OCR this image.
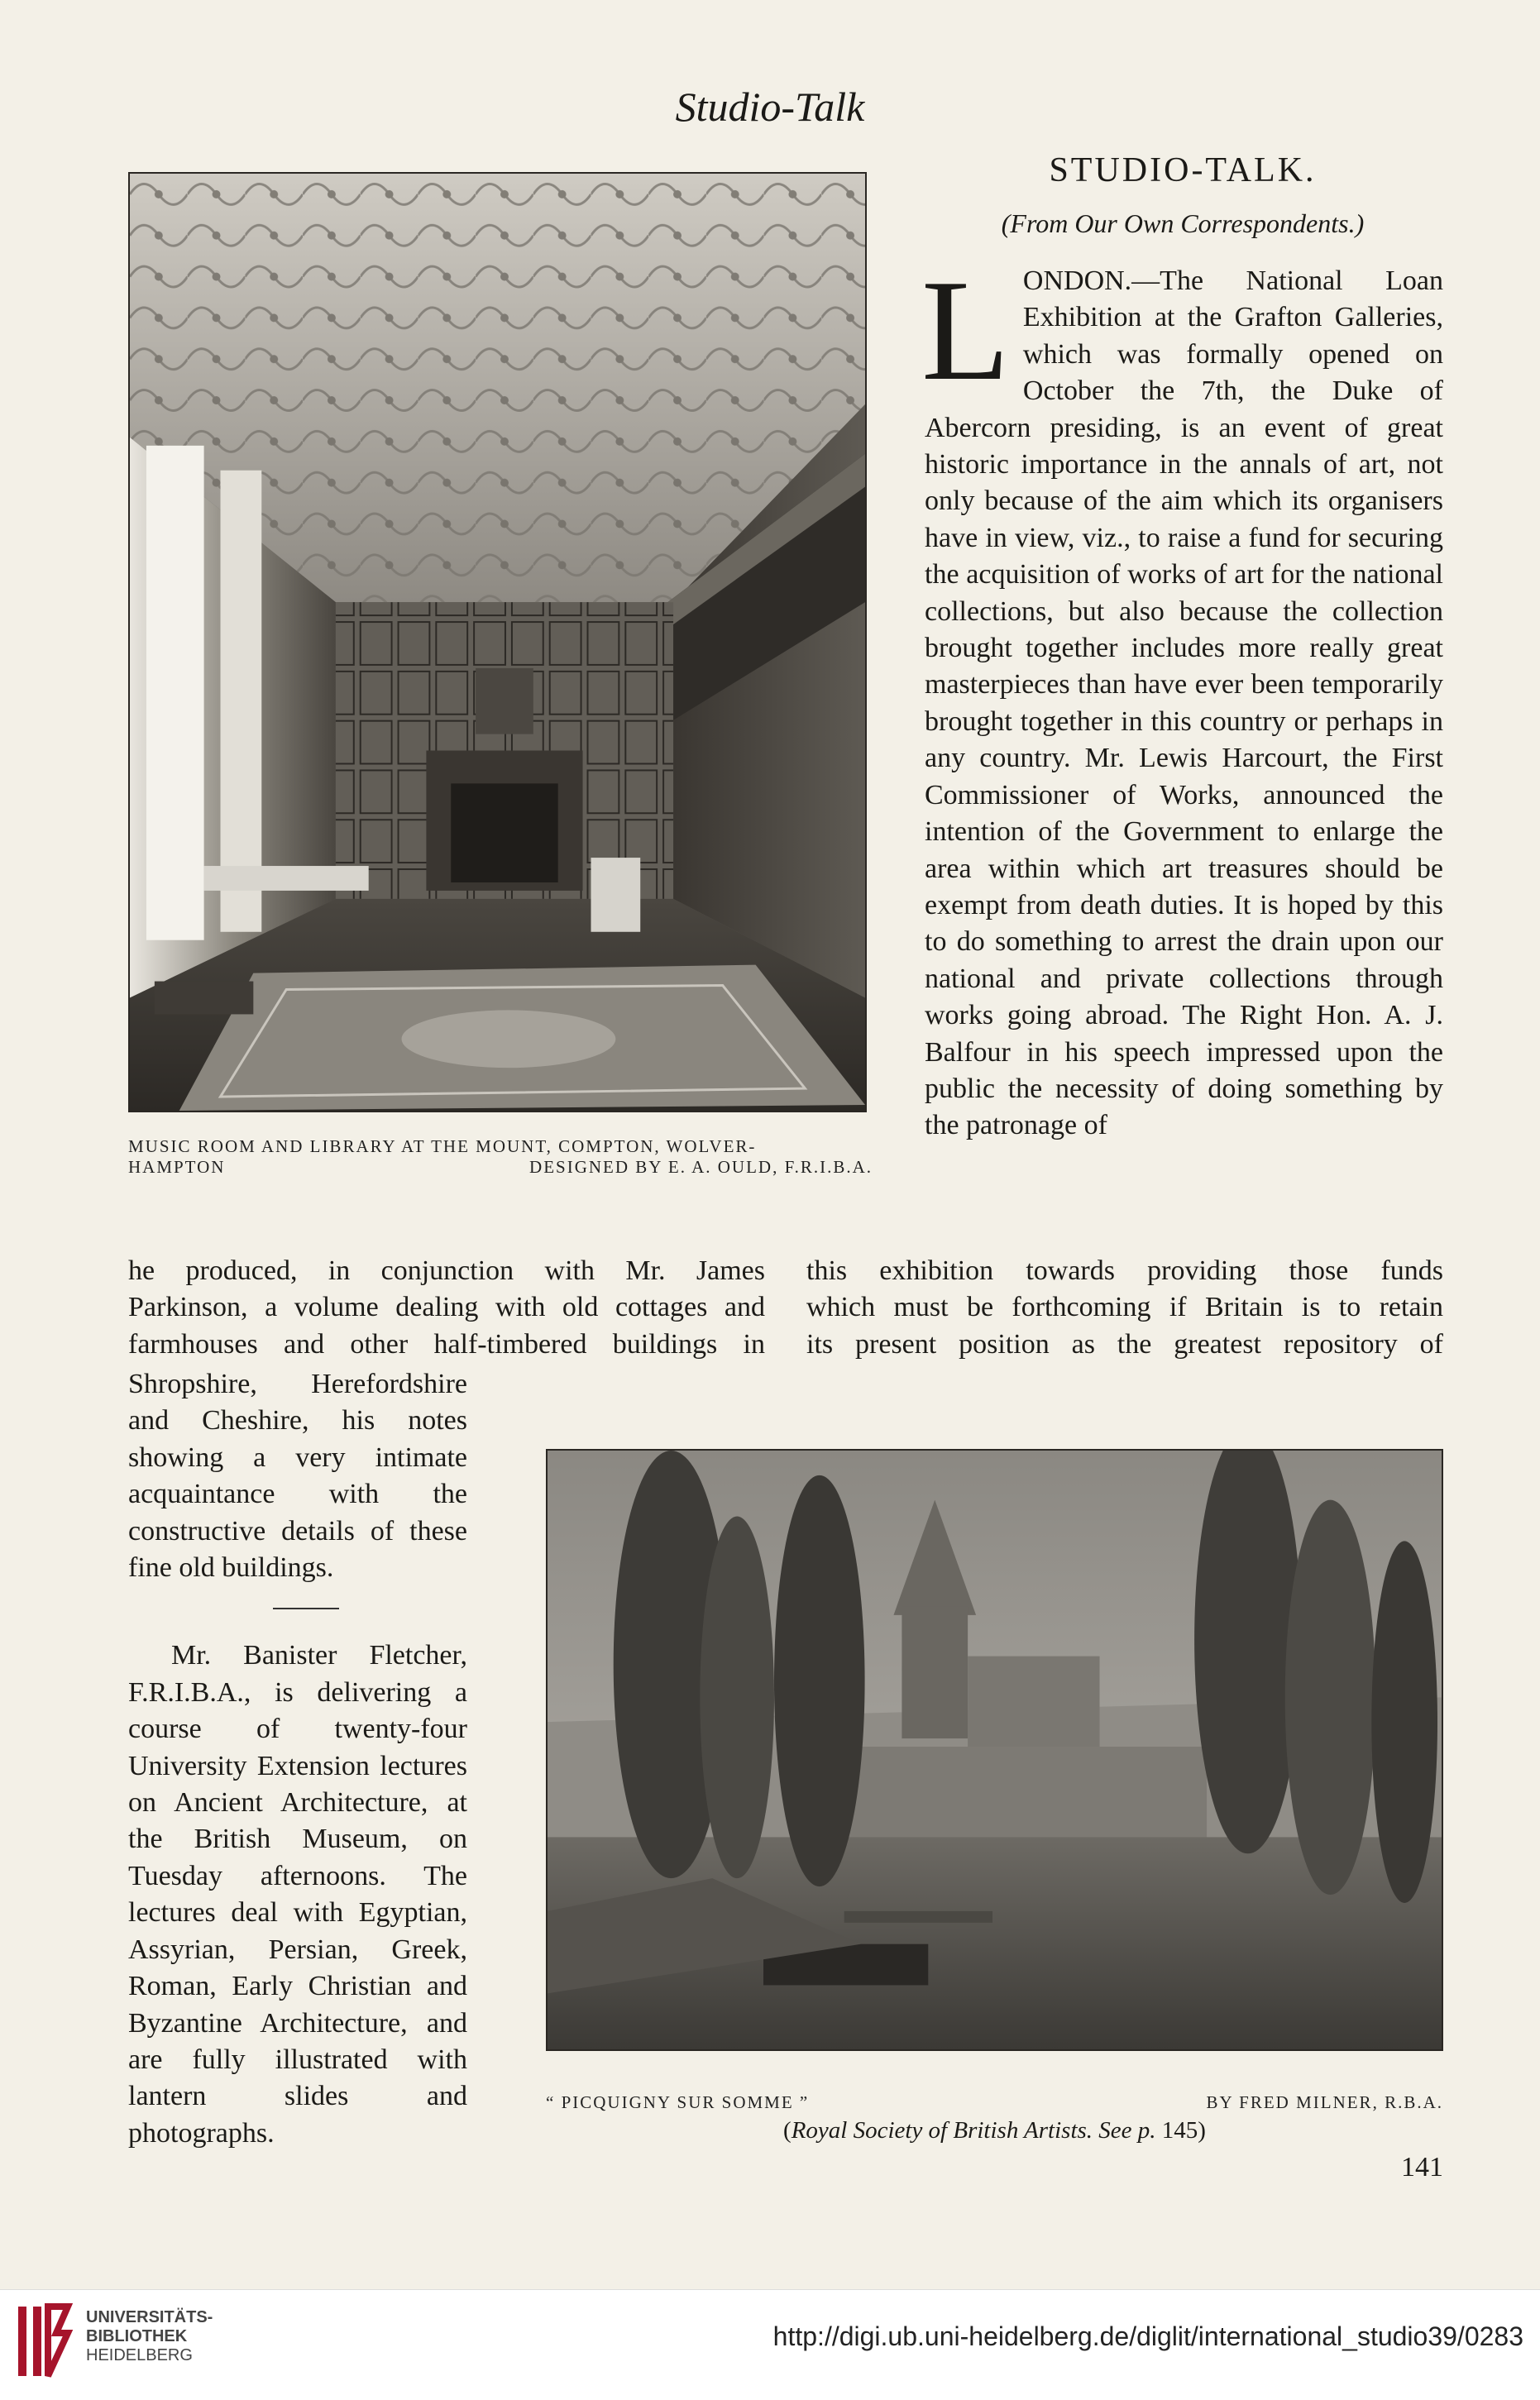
Studio-Talk
MUSIC ROOM AND LIBRARY AT THE MOUNT, COMPTON, WOLVER-
HAMPTON	DESIGNED BY E. A. OULD, F.R.I.B.A.
STUDIO-TALK.
(From Our Own Correspondents.)
L ONDON.—The National Loan Exhibition at the Grafton Galleries, which was formally opened on October the 7th, the Duke of Abercorn presiding, is an event of great historic importance in the annals of art, not only because of the aim which its organisers have in view, viz., to raise a fund for securing the acquisition of works of art for the national collections, but also because the collection brought together includes more really great masterpieces than have ever been temporarily brought together in this country or perhaps in any country. Mr. Lewis Harcourt, the First Commissioner of Works, announced the intention of the Government to enlarge the area within which art treasures should be exempt from death duties. It is hoped by this to do something to arrest the drain upon our national and private collections through works going abroad. The Right Hon. A. J. Balfour in his speech impressed upon the public the necessity of doing something by the patronage of

he produced, in conjunction with Mr. James this exhibition towards providing those funds
Parkinson, a volume dealing with old cottages and which must be forthcoming if Britain is to retain
farmhouses and other half-timbered buildings in its present position as the greatest repository of

Shropshire, Herefordshire and Cheshire, his notes showing a very intimate acquaintance with the constructive details of these fine old buildings.

Mr. Banister Fletcher, F.R.I.B.A., is delivering a course of twenty-four University Extension lectures on Ancient Architecture, at the British Museum, on Tuesday afternoons. The lectures deal with Egyptian, Assyrian, Persian, Greek, Roman, Early Christian and Byzantine Architecture, and are fully illustrated with lantern slides and photographs.

“ PICQUIGNY SUR SOMME ”	BY FRED MILNER, R.B.A.
(Royal Society of British Artists. See p. 145)
141
UNIVERSITÄTS-
BIBLIOTHEK
HEIDELBERG
http://digi.ub.uni-heidelberg.de/diglit/international_studio39/0283
